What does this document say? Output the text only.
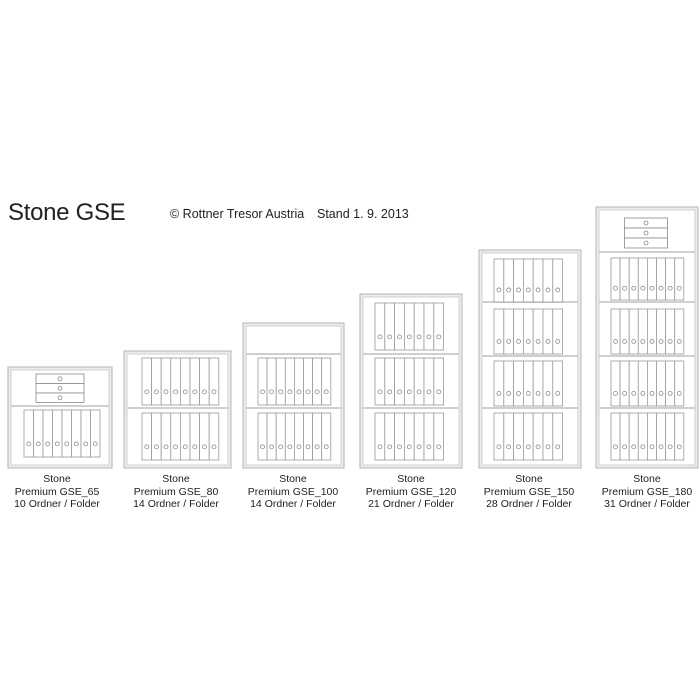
Stone GSE	© Rottner Tresor Austria Stand 1. 9. 2013
Stone
Premium GSE_65
10 Ordner / Folder
Stone
Premium GSE_80
14 Ordner / Folder
Stone
Premium GSE_100
14 Ordner / Folder
Stone
Premium GSE_120
21 Ordner / Folder
Stone
Premium GSE_150
28 Ordner / Folder
Stone
Premium GSE_180
31 Ordner / Folder
